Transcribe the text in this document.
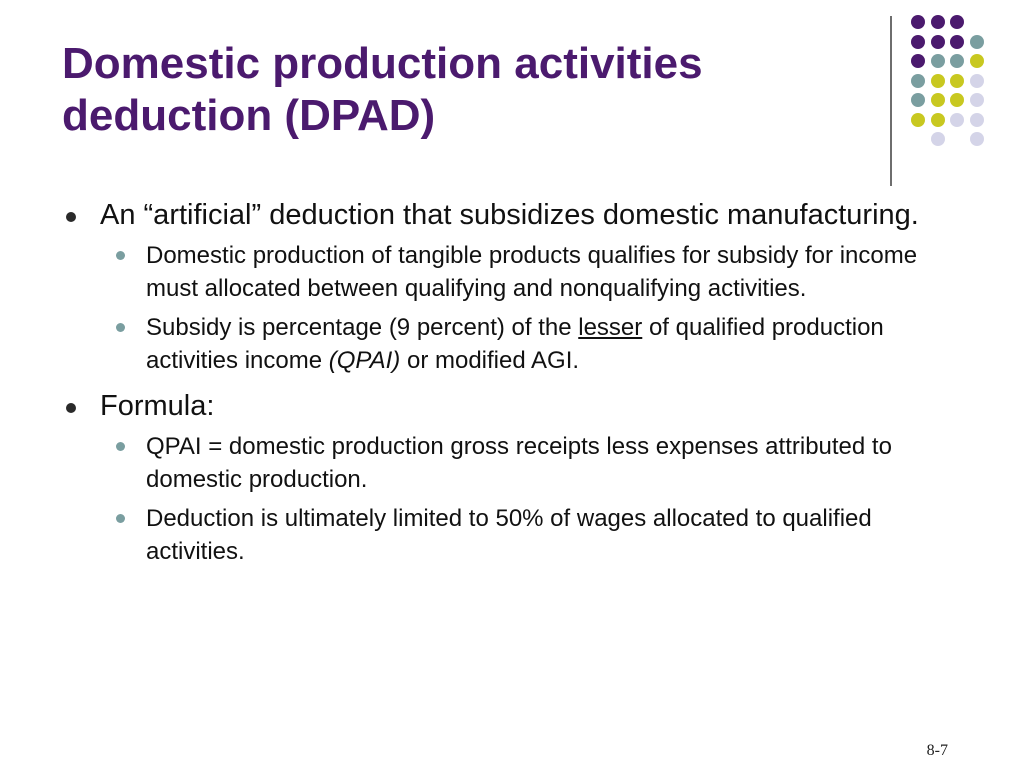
Domestic production activities
deduction (DPAD)
An “artificial” deduction that subsidizes domestic manufacturing.
Domestic production of tangible products qualifies for subsidy for income must allocated between qualifying and nonqualifying activities.
Subsidy is percentage (9 percent) of the lesser of qualified production activities income (QPAI) or modified AGI.
Formula:
QPAI = domestic production gross receipts less expenses attributed to domestic production.
Deduction is ultimately limited to 50% of wages allocated to qualified activities.
8-7
